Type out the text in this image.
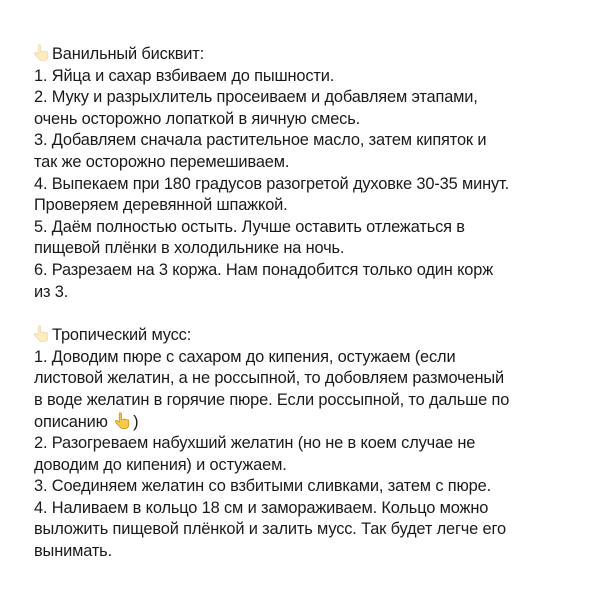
Ванильный бисквит:
1. Яйца и сахар взбиваем до пышности.
2. Муку и разрыхлитель просеиваем и добавляем этапами,
очень осторожно лопаткой в яичную смесь.
3. Добавляем сначала растительное масло, затем кипяток и
так же осторожно перемешиваем.
4. Выпекаем при 180 градусов разогретой духовке 30-35 минут.
Проверяем деревянной шпажкой.
5. Даём полностью остыть. Лучше оставить отлежаться в
пищевой плёнки в холодильнике на ночь.
6. Разрезаем на 3 коржа. Нам понадобится только один корж
из 3.
Тропический мусс:
1. Доводим пюре с сахаром до кипения, остужаем (если
листовой желатин, а не россыпной, то добовляем размоченый
в воде желатин в горячие пюре. Если россыпной, то дальше по
описанию )
2. Разогреваем набухший желатин (но не в коем случае не
доводим до кипения) и остужаем.
3. Соединяем желатин со взбитыми сливками, затем с пюре.
4. Наливаем в кольцо 18 см и замораживаем. Кольцо можно
выложить пищевой плёнкой и залить мусс. Так будет легче его
вынимать.
